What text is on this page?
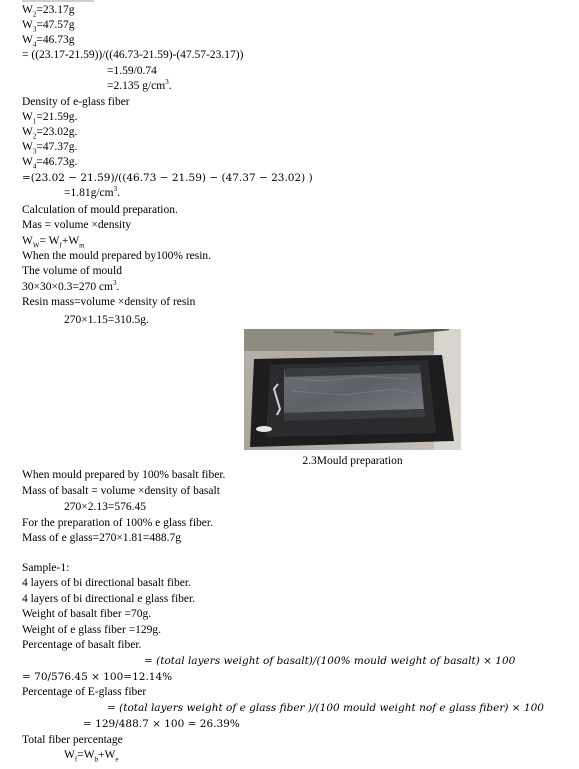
$W_2=23.17g$
$W_3=47.57g$
$W_4=46.73g$
= ((23.17-21.59))/((46.73-21.59)-(47.57-23.17))
=1.59/0.74
=2.135 $g/cm^3$.
Density of e-glass fiber
$W_1=21.59g$.
$W_2=23.02g$.
$W_3=47.37g$.
$W_4=46.73g$.
=(23.02 − 21.59)/((46.73 − 21.59) − (47.37 − 23.02) )
$=1.81g/cm^3$.
Calculation of mould preparation.
Mas = volume ×density
$W_W= W_f+W_m$
When the mould prepared by100% resin.
The volume of mould
30×30×0.3=270 $cm^3$.
Resin mass=volume ×density of resin
270×1.15=310.5g.
2.3Mould preparation
When mould prepared by 100% basalt fiber.
Mass of basalt = volume ×density of basalt
270×2.13=576.45
For the preparation of 100% e glass fiber.
Mass of e glass=270×1.81=488.7g
Sample-1:
4 layers of bi directional basalt fiber.
4 layers of bi directional e glass fiber.
Weight of basalt fiber =70g.
Weight of e glass fiber =129g.
Percentage of basalt fiber.
= (total layers weight of basalt)/(100% mould weight of basalt) × 100
= 70/576.45 × 100=12.14%
Percentage of E-glass fiber
= (total layers weight of e glass fiber )/(100 mould weight nof e glass fiber) × 100
= 129/488.7 × 100 = 26.39%
Total fiber percentage
$W_f=W_b+W_e$
